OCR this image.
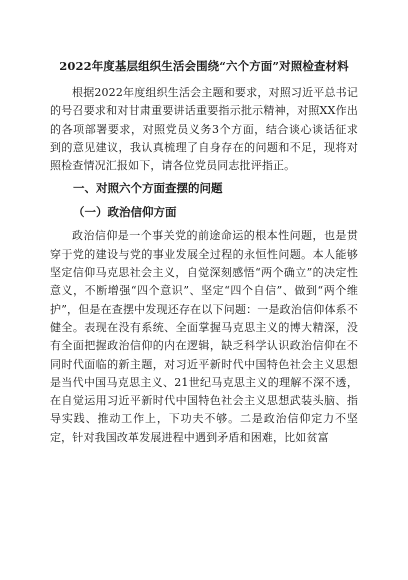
2022年度基层组织生活会围绕“六个方面”对照检查材料

根据2022年度组织生活会主题和要求，对照习近平总书记的号召要求和对甘肃重要讲话重要指示批示精神，对照XX作出的各项部署要求，对照党员义务3个方面，结合谈心谈话征求到的意见建议，我认真梳理了自身存在的问题和不足，现将对照检查情况汇报如下，请各位党员同志批评指正。

一、对照六个方面查摆的问题
（一）政治信仰方面

政治信仰是一个事关党的前途命运的根本性问题，也是贯穿于党的建设与党的事业发展全过程的永恒性问题。本人能够坚定信仰马克思社会主义，自觉深刻感悟“两个确立”的决定性意义，不断增强“四个意识”、坚定“四个自信”、做到“两个维护”，但是在查摆中发现还存在以下问题：一是政治信仰体系不健全。表现在没有系统、全面掌握马克思主义的博大精深，没有全面把握政治信仰的内在逻辑，缺乏科学认识政治信仰在不同时代面临的新主题，对习近平新时代中国特色社会主义思想是当代中国马克思主义、21世纪马克思主义的理解不深不透，在自觉运用习近平新时代中国特色社会主义思想武装头脑、指导实践、推动工作上，下功夫不够。二是政治信仰定力不坚定，针对我国改革发展进程中遇到矛盾和困难，比如贫富
